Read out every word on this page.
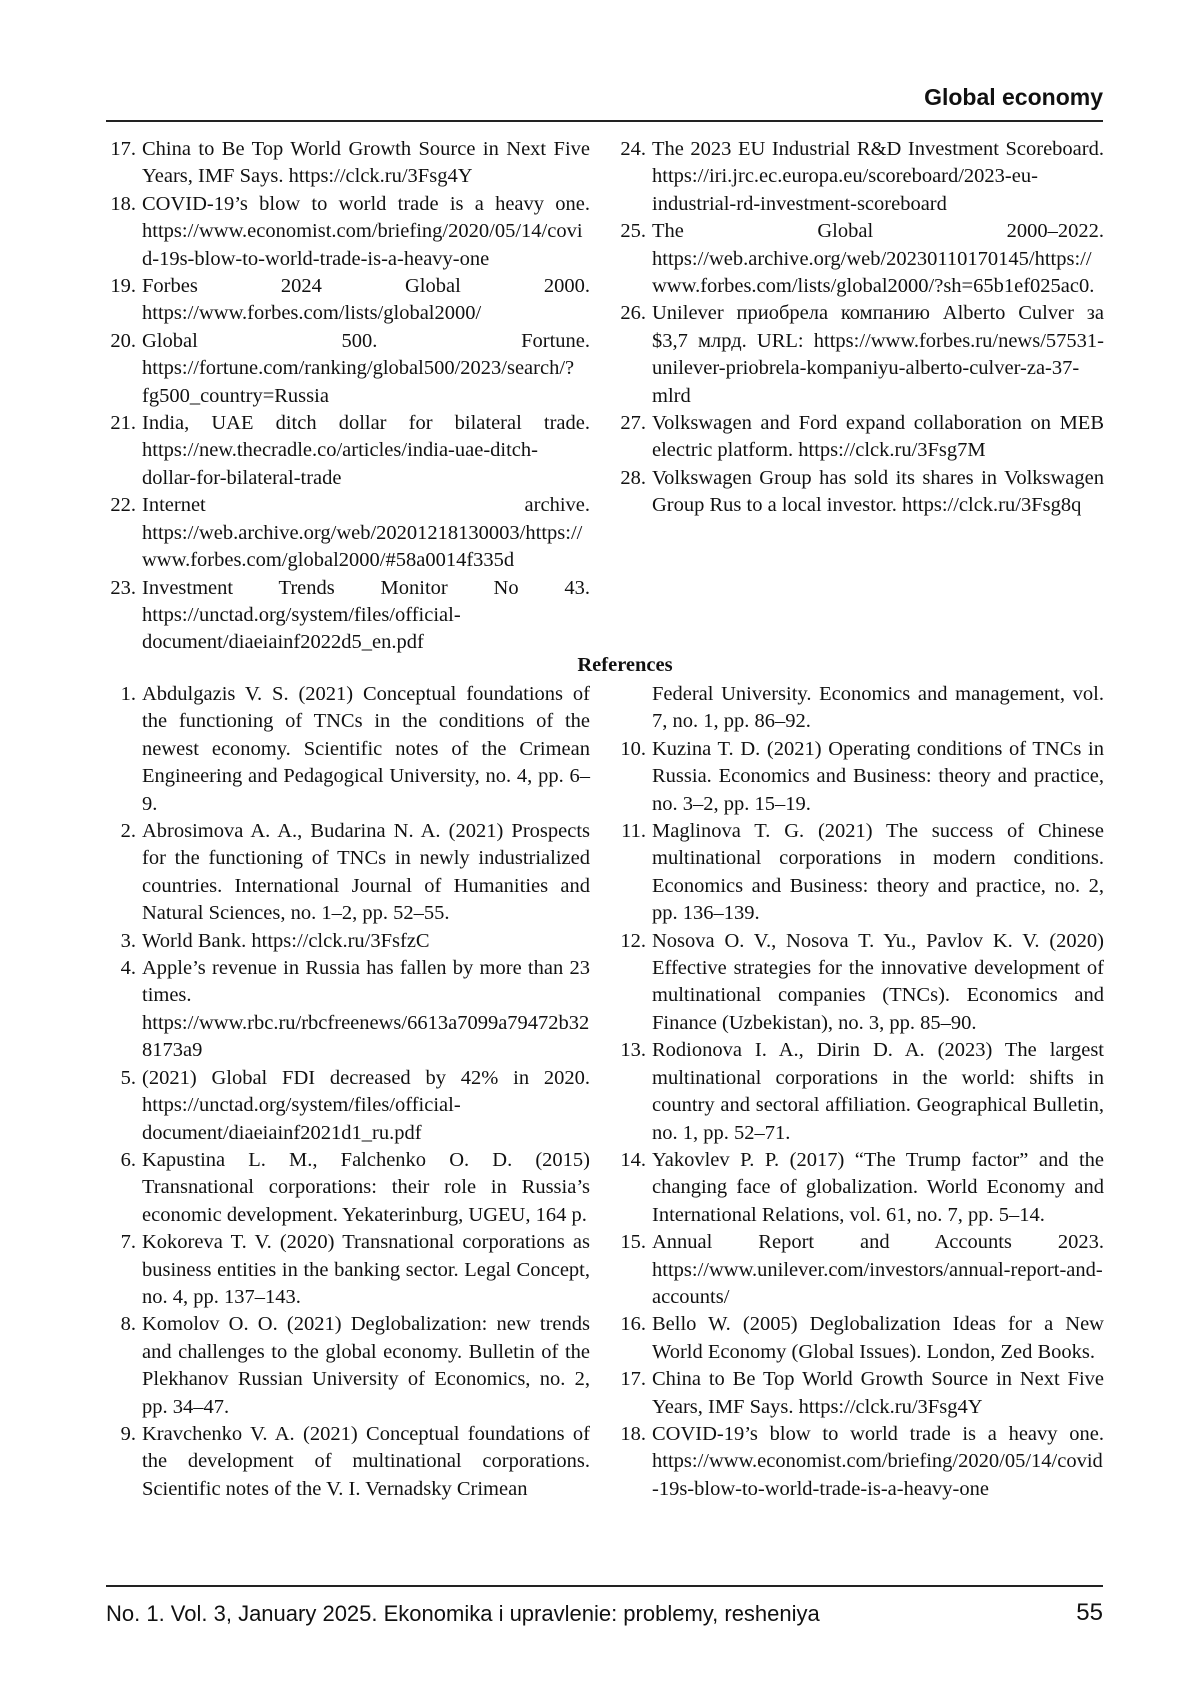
Global economy
17. China to Be Top World Growth Source in Next Five Years, IMF Says. https://clck.ru/3Fsg4Y
18. COVID-19’s blow to world trade is a heavy one. https://www.economist.com/briefing/2020/05/14/covid-19s-blow-to-world-trade-is-a-heavy-one
19. Forbes 2024 Global 2000. https://www.forbes.com/lists/global2000/
20. Global 500. Fortune. https://fortune.com/ranking/global500/2023/search/?fg500_country=Russia
21. India, UAE ditch dollar for bilateral trade. https://new.thecradle.co/articles/india-uae-ditch-dollar-for-bilateral-trade
22. Internet archive. https://web.archive.org/web/20201218130003/https://www.forbes.com/global2000/#58a0014f335d
23. Investment Trends Monitor No 43. https://unctad.org/system/files/official-document/diaeiainf2022d5_en.pdf
24. The 2023 EU Industrial R&D Investment Scoreboard. https://iri.jrc.ec.europa.eu/scoreboard/2023-eu-industrial-rd-investment-scoreboard
25. The Global 2000–2022. https://web.archive.org/web/20230110170145/https://www.forbes.com/lists/global2000/?sh=65b1ef025ac0.
26. Unilever приобрела компанию Alberto Culver за $3,7 млрд. URL: https://www.forbes.ru/news/57531-unilever-priobrela-kompaniyu-alberto-culver-za-37-mlrd
27. Volkswagen and Ford expand collaboration on MEB electric platform. https://clck.ru/3Fsg7M
28. Volkswagen Group has sold its shares in Volkswagen Group Rus to a local investor. https://clck.ru/3Fsg8q
References
1. Abdulgazis V. S. (2021) Conceptual foundations of the functioning of TNCs in the conditions of the newest economy. Scientific notes of the Crimean Engineering and Pedagogical University, no. 4, pp. 6–9.
2. Abrosimova A. A., Budarina N. A. (2021) Prospects for the functioning of TNCs in newly industrialized countries. International Journal of Humanities and Natural Sciences, no. 1–2, pp. 52–55.
3. World Bank. https://clck.ru/3FsfzC
4. Apple’s revenue in Russia has fallen by more than 23 times. https://www.rbc.ru/rbcfreenews/6613a7099a79472b328173a9
5. (2021) Global FDI decreased by 42% in 2020. https://unctad.org/system/files/official-document/diaeiainf2021d1_ru.pdf
6. Kapustina L. M., Falchenko O. D. (2015) Transnational corporations: their role in Russia’s economic development. Yekaterinburg, UGEU, 164 p.
7. Kokoreva T. V. (2020) Transnational corporations as business entities in the banking sector. Legal Concept, no. 4, pp. 137–143.
8. Komolov O. O. (2021) Deglobalization: new trends and challenges to the global economy. Bulletin of the Plekhanov Russian University of Economics, no. 2, pp. 34–47.
9. Kravchenko V. A. (2021) Conceptual foundations of the development of multinational corporations. Scientific notes of the V. I. Vernadsky Crimean
Federal University. Economics and management, vol. 7, no. 1, pp. 86–92.
10. Kuzina T. D. (2021) Operating conditions of TNCs in Russia. Economics and Business: theory and practice, no. 3–2, pp. 15–19.
11. Maglinova T. G. (2021) The success of Chinese multinational corporations in modern conditions. Economics and Business: theory and practice, no. 2, pp. 136–139.
12. Nosova O. V., Nosova T. Yu., Pavlov K. V. (2020) Effective strategies for the innovative development of multinational companies (TNCs). Economics and Finance (Uzbekistan), no. 3, pp. 85–90.
13. Rodionova I. A., Dirin D. A. (2023) The largest multinational corporations in the world: shifts in country and sectoral affiliation. Geographical Bulletin, no. 1, pp. 52–71.
14. Yakovlev P. P. (2017) “The Trump factor” and the changing face of globalization. World Economy and International Relations, vol. 61, no. 7, pp. 5–14.
15. Annual Report and Accounts 2023. https://www.unilever.com/investors/annual-report-and-accounts/
16. Bello W. (2005) Deglobalization Ideas for a New World Economy (Global Issues). London, Zed Books.
17. China to Be Top World Growth Source in Next Five Years, IMF Says. https://clck.ru/3Fsg4Y
18. COVID-19’s blow to world trade is a heavy one. https://www.economist.com/briefing/2020/05/14/covid-19s-blow-to-world-trade-is-a-heavy-one
No. 1. Vol. 3, January 2025. Ekonomika i upravlenie: problemy, resheniya	55
